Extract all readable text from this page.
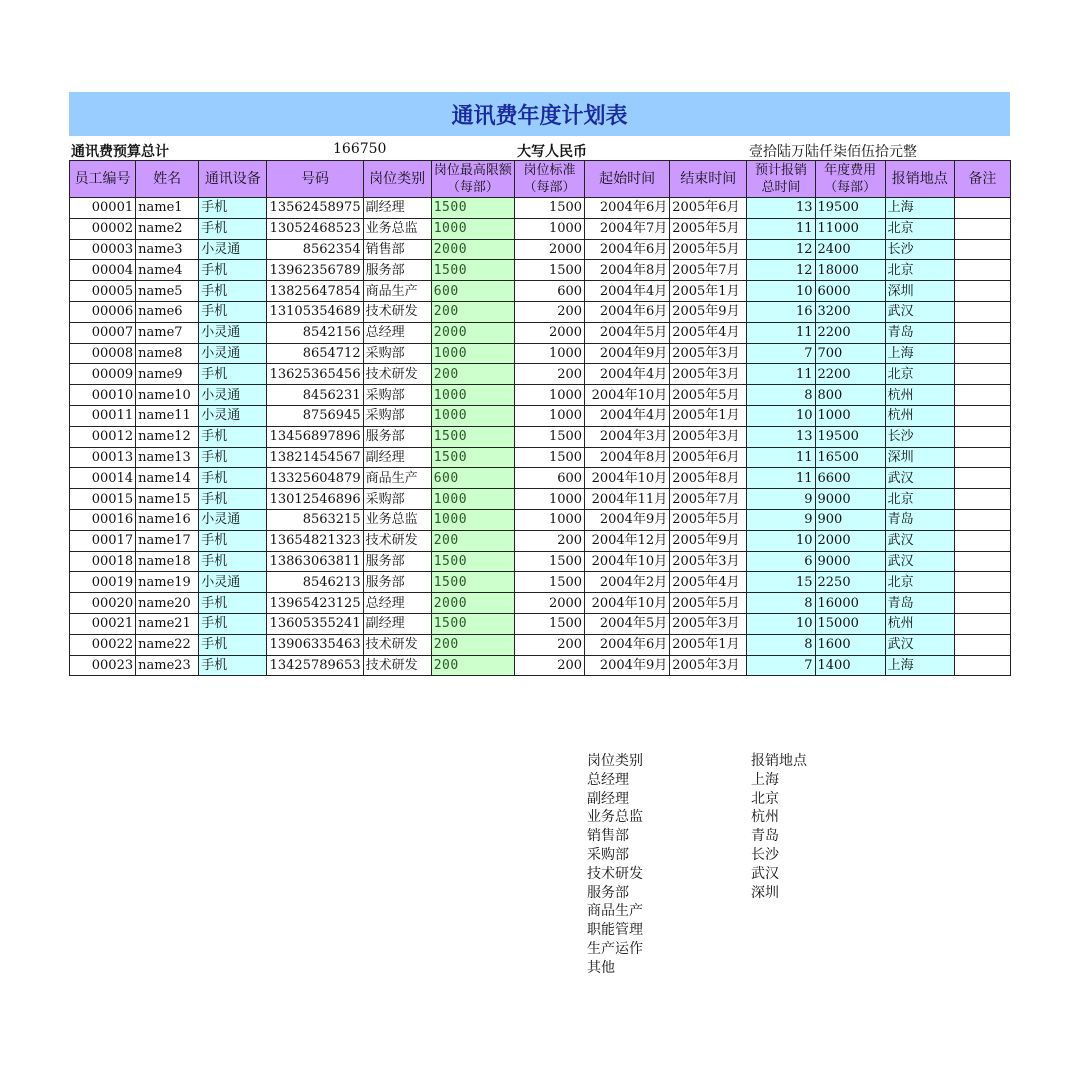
通讯费年度计划表
通讯费预算总计	166750	大写人民币	壹拾陆万陆仟柒佰伍拾元整
员工编号	姓名	通讯设备	号码	岗位类别	岗位最高限额（每部）	岗位标准（每部）	起始时间	结束时间	预计报销总时间	年度费用（每部）	报销地点	备注
00001	name1	手机	13562458975	副经理	1500	1500	2004年6月	2005年6月	13	19500	上海	
00002	name2	手机	13052468523	业务总监	1000	1000	2004年7月	2005年5月	11	11000	北京	
00003	name3	小灵通	8562354	销售部	2000	2000	2004年6月	2005年5月	12	2400	长沙	
00004	name4	手机	13962356789	服务部	1500	1500	2004年8月	2005年7月	12	18000	北京	
00005	name5	手机	13825647854	商品生产	600	600	2004年4月	2005年1月	10	6000	深圳	
00006	name6	手机	13105354689	技术研发	200	200	2004年6月	2005年9月	16	3200	武汉	
00007	name7	小灵通	8542156	总经理	2000	2000	2004年5月	2005年4月	11	2200	青岛	
00008	name8	小灵通	8654712	采购部	1000	1000	2004年9月	2005年3月	7	700	上海	
00009	name9	手机	13625365456	技术研发	200	200	2004年4月	2005年3月	11	2200	北京	
00010	name10	小灵通	8456231	采购部	1000	1000	2004年10月	2005年5月	8	800	杭州	
00011	name11	小灵通	8756945	采购部	1000	1000	2004年4月	2005年1月	10	1000	杭州	
00012	name12	手机	13456897896	服务部	1500	1500	2004年3月	2005年3月	13	19500	长沙	
00013	name13	手机	13821454567	副经理	1500	1500	2004年8月	2005年6月	11	16500	深圳	
00014	name14	手机	13325604879	商品生产	600	600	2004年10月	2005年8月	11	6600	武汉	
00015	name15	手机	13012546896	采购部	1000	1000	2004年11月	2005年7月	9	9000	北京	
00016	name16	小灵通	8563215	业务总监	1000	1000	2004年9月	2005年5月	9	900	青岛	
00017	name17	手机	13654821323	技术研发	200	200	2004年12月	2005年9月	10	2000	武汉	
00018	name18	手机	13863063811	服务部	1500	1500	2004年10月	2005年3月	6	9000	武汉	
00019	name19	小灵通	8546213	服务部	1500	1500	2004年2月	2005年4月	15	2250	北京	
00020	name20	手机	13965423125	总经理	2000	2000	2004年10月	2005年5月	8	16000	青岛	
00021	name21	手机	13605355241	副经理	1500	1500	2004年5月	2005年3月	10	15000	杭州	
00022	name22	手机	13906335463	技术研发	200	200	2004年6月	2005年1月	8	1600	武汉	
00023	name23	手机	13425789653	技术研发	200	200	2004年9月	2005年3月	7	1400	上海	
岗位类别
总经理
副经理
业务总监
销售部
采购部
技术研发
服务部
商品生产
职能管理
生产运作
其他
报销地点
上海
北京
杭州
青岛
长沙
武汉
深圳
